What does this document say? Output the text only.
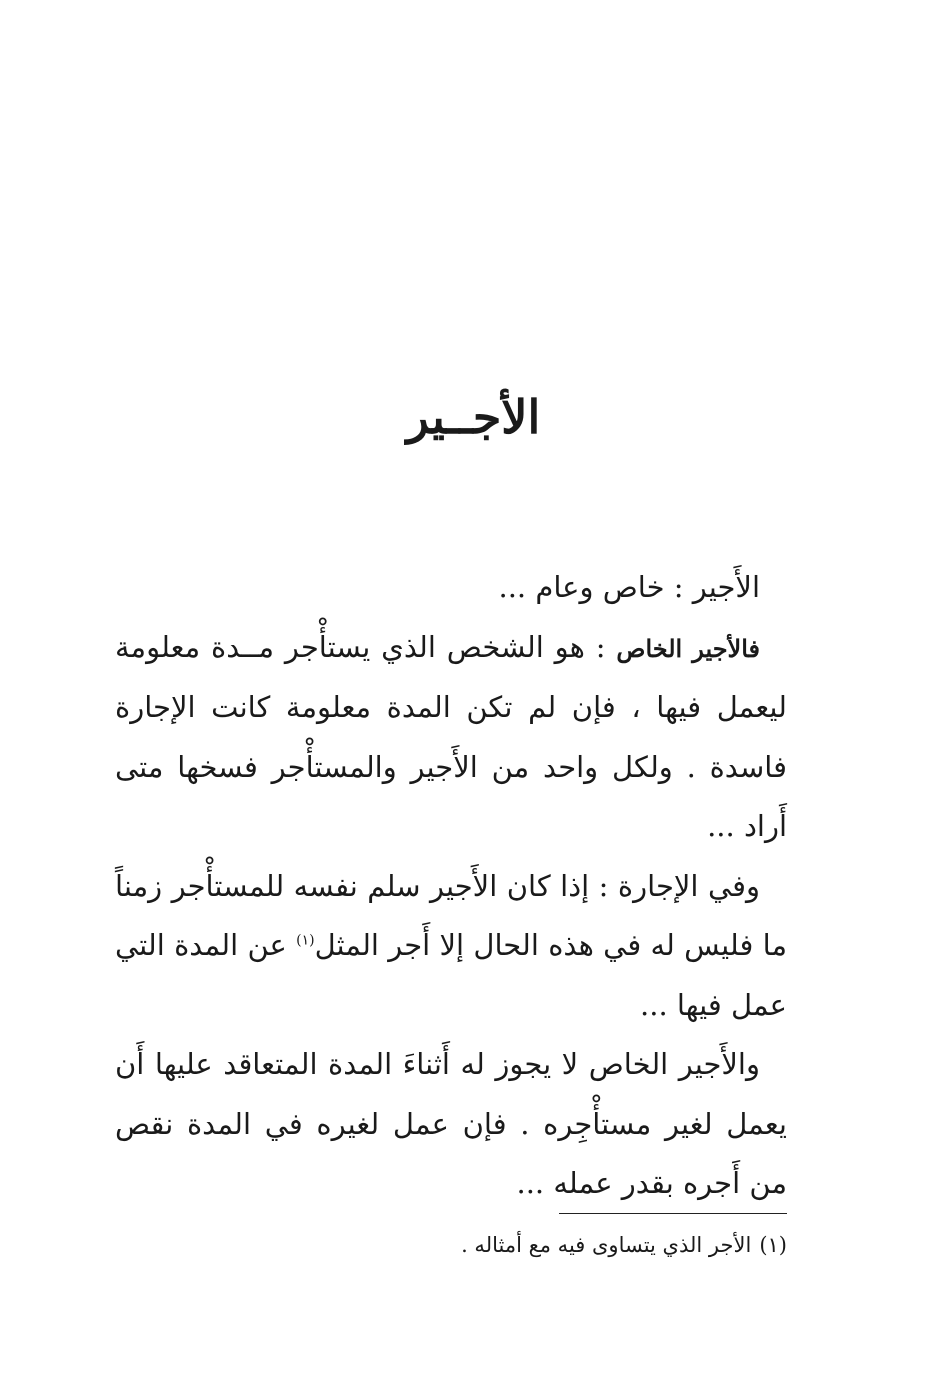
الأجــير

الأَجير : خاص وعام ...

فالأجير الخاص : هو الشخص الذي يستأْجر مــدة معلومة ليعمل فيها ، فإن لم تكن المدة معلومة كانت الإجارة فاسدة . ولكل واحد من الأَجير والمستأْجر فسخها متى أَراد ...

وفي الإجارة : إذا كان الأَجير سلم نفسه للمستأْجر زمناً ما فليس له في هذه الحال إلا أَجر المثل$^{(١)}$ عن المدة التي عمل فيها ...

والأَجير الخاص لا يجوز له أَثناءَ المدة المتعاقد عليها أَن يعمل لغير مستأْجِره . فإن عمل لغيره في المدة نقص من أَجره بقدر عمله ...

(١)الأجر الذي يتساوى فيه مع أمثاله .
